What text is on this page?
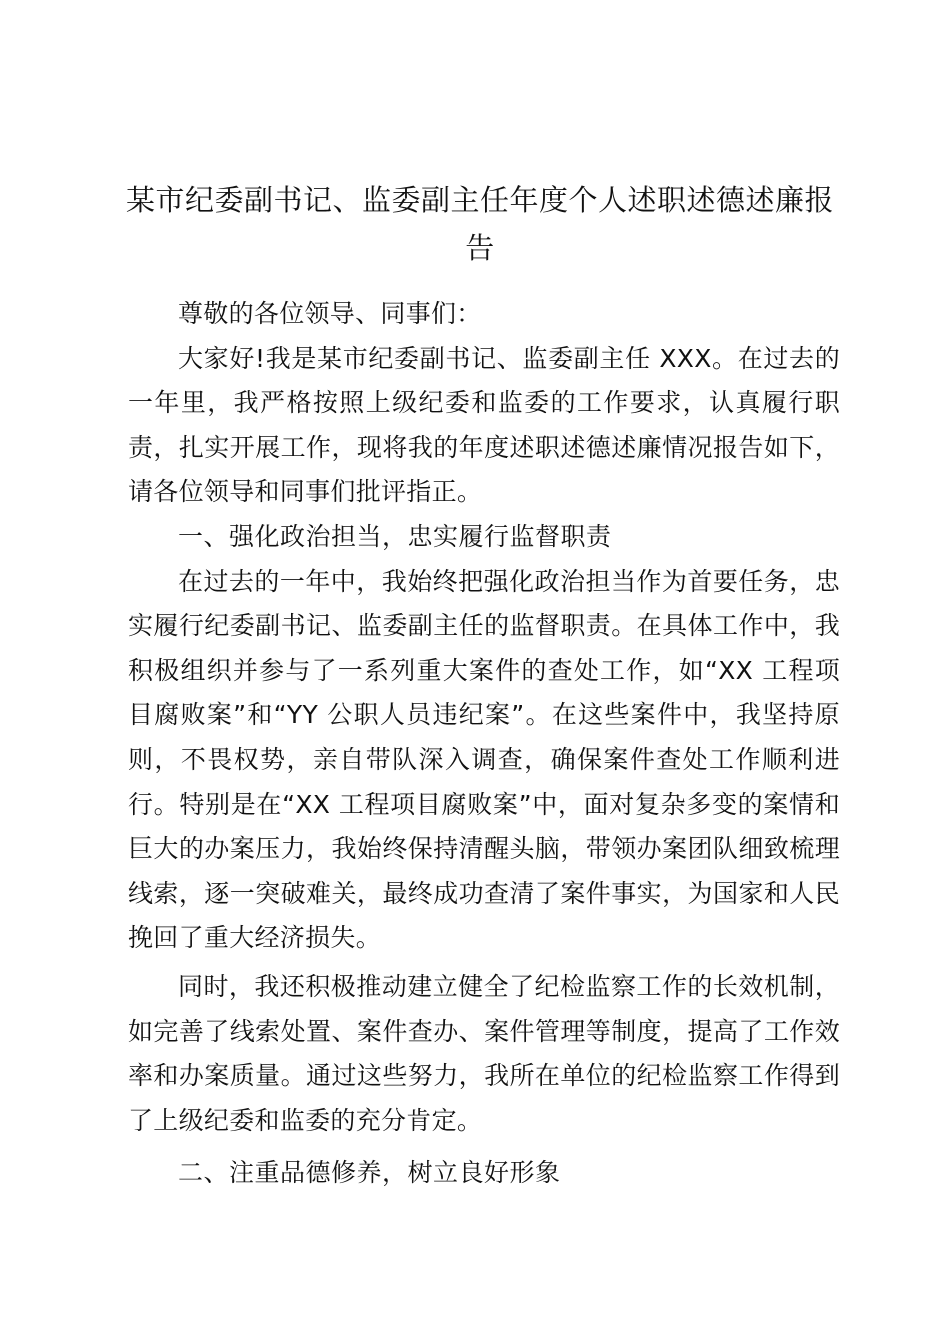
某市纪委副书记、监委副主任年度个人述职述德述廉报告

尊敬的各位领导、同事们：

大家好!我是某市纪委副书记、监委副主任 XXX。在过去的一年里，我严格按照上级纪委和监委的工作要求，认真履行职责，扎实开展工作，现将我的年度述职述德述廉情况报告如下，请各位领导和同事们批评指正。

一、强化政治担当，忠实履行监督职责

在过去的一年中，我始终把强化政治担当作为首要任务，忠实履行纪委副书记、监委副主任的监督职责。在具体工作中，我积极组织并参与了一系列重大案件的查处工作，如“XX 工程项目腐败案”和“YY 公职人员违纪案”。在这些案件中，我坚持原则，不畏权势，亲自带队深入调查，确保案件查处工作顺利进行。特别是在“XX 工程项目腐败案”中，面对复杂多变的案情和巨大的办案压力，我始终保持清醒头脑，带领办案团队细致梳理线索，逐一突破难关，最终成功查清了案件事实，为国家和人民挽回了重大经济损失。

同时，我还积极推动建立健全了纪检监察工作的长效机制，如完善了线索处置、案件查办、案件管理等制度，提高了工作效率和办案质量。通过这些努力，我所在单位的纪检监察工作得到了上级纪委和监委的充分肯定。

二、注重品德修养，树立良好形象
